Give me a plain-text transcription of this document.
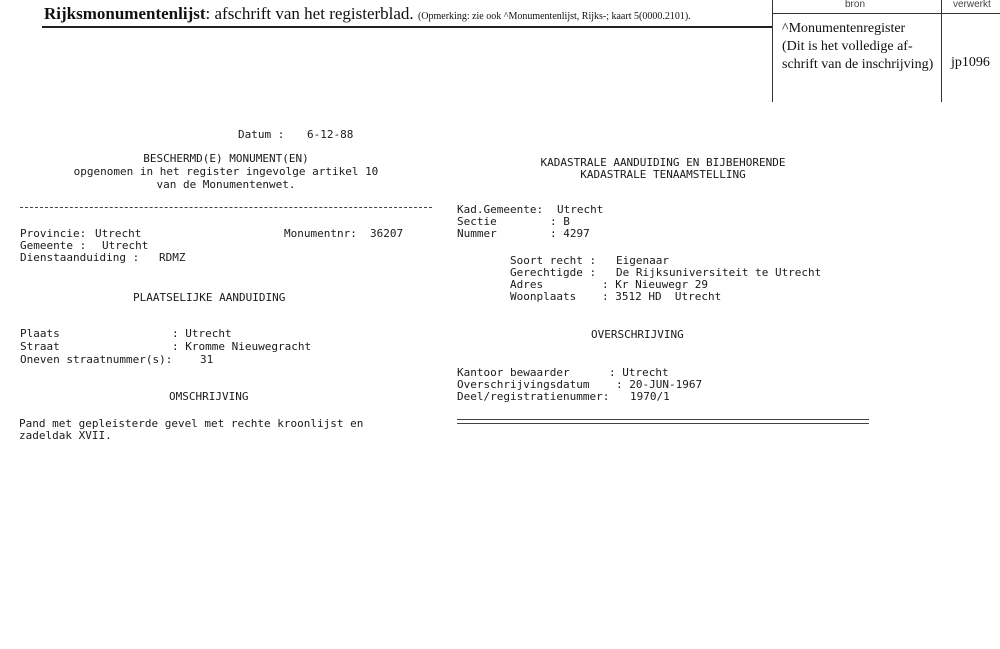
Rijksmonumentenlijst: afschrift van het registerblad. (Opmerking: zie ook ^Monumentenlijst, Rijks-; kaart 5(0000.2101).
bron	verwerkt
^Monumentenregister
(Dit is het volledige af-
schrift van de inschrijving)	jp1096
Datum : 6-12-88
BESCHERMD(E) MONUMENT(EN)
opgenomen in het register ingevolge artikel 10
van de Monumentenwet.
Provincie: Utrecht	Monumentnr: 36207
Gemeente : Utrecht
Dienstaanduiding : RDMZ
PLAATSELIJKE AANDUIDING
Plaats	: Utrecht
Straat	: Kromme Nieuwegracht
Oneven straatnummer(s):	31
OMSCHRIJVING
Pand met gepleisterde gevel met rechte kroonlijst en
zadeldak XVII.
KADASTRALE AANDUIDING EN BIJBEHORENDE
KADASTRALE TENAAMSTELLING
Kad.Gemeente: Utrecht
Sectie	: B
Nummer	: 4297
Soort recht : Eigenaar
Gerechtigde : De Rijksuniversiteit te Utrecht
Adres	: Kr Nieuwegr 29
Woonplaats : 3512 HD  Utrecht
OVERSCHRIJVING
Kantoor bewaarder	: Utrecht
Overschrijvingsdatum : 20-JUN-1967
Deel/registratienummer: 1970/1
